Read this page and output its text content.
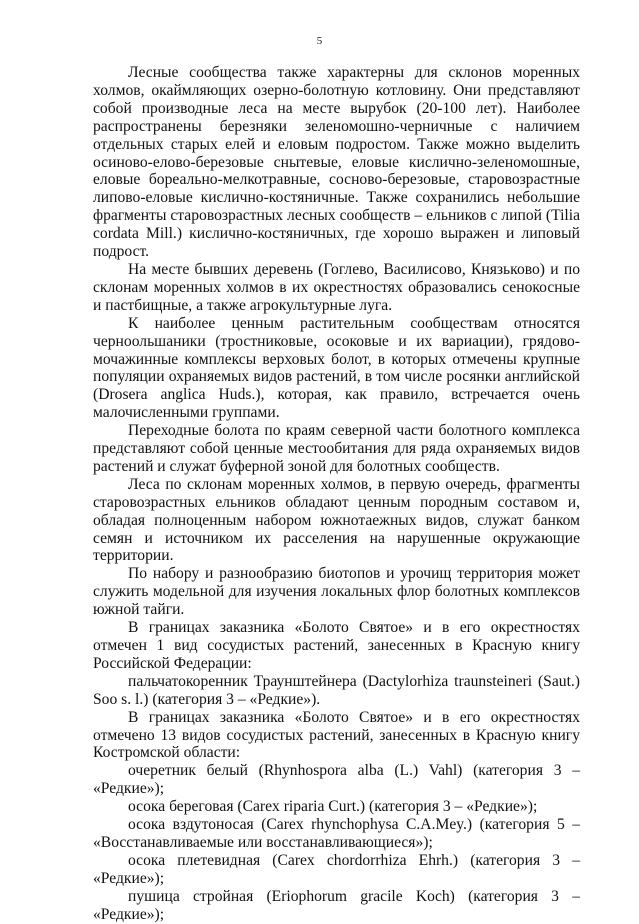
5

Лесные сообщества также характерны для склонов моренных холмов, окаймляющих озерно-болотную котловину. Они представляют собой производные леса на месте вырубок (20-100 лет). Наиболее распространены березняки зеленомошно-черничные с наличием отдельных старых елей и еловым подростом. Также можно выделить осиново-елово-березовые снытевые, еловые кислично-зеленомошные, еловые бореально-мелкотравные, сосново-березовые, старовозрастные липово-еловые кислично-костяничные. Также сохранились небольшие фрагменты старовозрастных лесных сообществ – ельников с липой (Tilia cordata Mill.) кислично-костяничных, где хорошо выражен и липовый подрост.

На месте бывших деревень (Гоглево, Василисово, Князьково) и по склонам моренных холмов в их окрестностях образовались сенокосные и пастбищные, а также агрокультурные луга.

К наиболее ценным растительным сообществам относятся черноольшаники (тростниковые, осоковые и их вариации), грядово-мочажинные комплексы верховых болот, в которых отмечены крупные популяции охраняемых видов растений, в том числе росянки английской (Drosera anglica Huds.), которая, как правило, встречается очень малочисленными группами.

Переходные болота по краям северной части болотного комплекса представляют собой ценные местообитания для ряда охраняемых видов растений и служат буферной зоной для болотных сообществ.

Леса по склонам моренных холмов, в первую очередь, фрагменты старовозрастных ельников обладают ценным породным составом и, обладая полноценным набором южнотаежных видов, служат банком семян и источником их расселения на нарушенные окружающие территории.

По набору и разнообразию биотопов и урочищ территория может служить модельной для изучения локальных флор болотных комплексов южной тайги.

В границах заказника «Болото Святое» и в его окрестностях отмечен 1 вид сосудистых растений, занесенных в Красную книгу Российской Федерации:

пальчатокоренник Траунштейнера (Dactylorhiza traunsteineri (Saut.) Soo s. l.) (категория 3 – «Редкие»).

В границах заказника «Болото Святое» и в его окрестностях отмечено 13 видов сосудистых растений, занесенных в Красную книгу Костромской области:

очеретник белый (Rhynhospora alba (L.) Vahl) (категория 3 – «Редкие»);

осока береговая (Carex riparia Curt.) (категория 3 – «Редкие»);

осока вздутоносая (Carex rhynchophysa C.A.Mey.) (категория 5 – «Восстанавливаемые или восстанавливающиеся»);

осока плетевидная (Carex chordorrhiza Ehrh.) (категория 3 – «Редкие»);

пушица стройная (Eriophorum gracile Koch) (категория 3 – «Редкие»);
